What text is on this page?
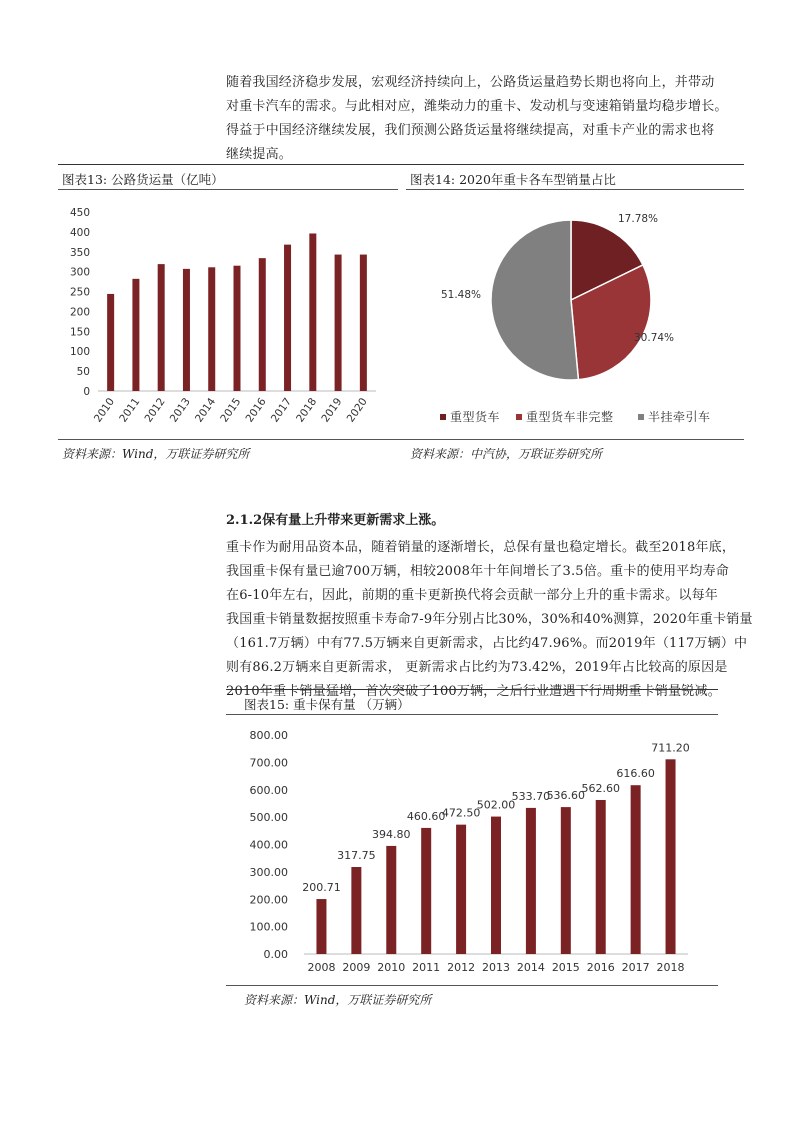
随着我国经济稳步发展，宏观经济持续向上，公路货运量趋势长期也将向上，并带动
对重卡汽车的需求。与此相对应，潍柴动力的重卡、发动机与变速箱销量均稳步增长。
得益于中国经济继续发展，我们预测公路货运量将继续提高，对重卡产业的需求也将
继续提高。
图表13: 公路货运量（亿吨）	图表14: 2020年重卡各车型销量占比
0
50
100
150
200
250
300
350
400
450
2010 2011 2012 2013 2014 2015 2016 2017 2018 2019 2020
17.78%
30.74%
51.48%
重型货车 重型货车非完整	半挂牵引车
资料来源：Wind，万联证券研究所	资料来源：中汽协，万联证券研究所
2.1.2保有量上升带来更新需求上涨。
重卡作为耐用品资本品，随着销量的逐渐增长，总保有量也稳定增长。截至2018年底，
我国重卡保有量已逾700万辆，相较2008年十年间增长了3.5倍。重卡的使用平均寿命
在6-10年左右，因此，前期的重卡更新换代将会贡献一部分上升的重卡需求。以每年
我国重卡销量数据按照重卡寿命7-9年分别占比30%，30%和40%测算，2020年重卡销量
（161.7万辆）中有77.5万辆来自更新需求，占比约47.96%。而2019年（117万辆）中
则有86.2万辆来自更新需求， 更新需求占比约为73.42%，2019年占比较高的原因是
2010年重卡销量猛增，首次突破了100万辆，之后行业遭遇下行周期重卡销量锐减。
图表15: 重卡保有量 （万辆）
0.00
100.00
200.00
300.00
400.00
500.00
600.00
700.00
800.00
200.71
2008
317.75
2009
394.80
2010
460.60
2011
472.50
2012
502.00
2013
533.70
2014
536.60
2015
562.60
2016
616.60
2017
711.20
2018
资料来源：Wind，万联证券研究所
